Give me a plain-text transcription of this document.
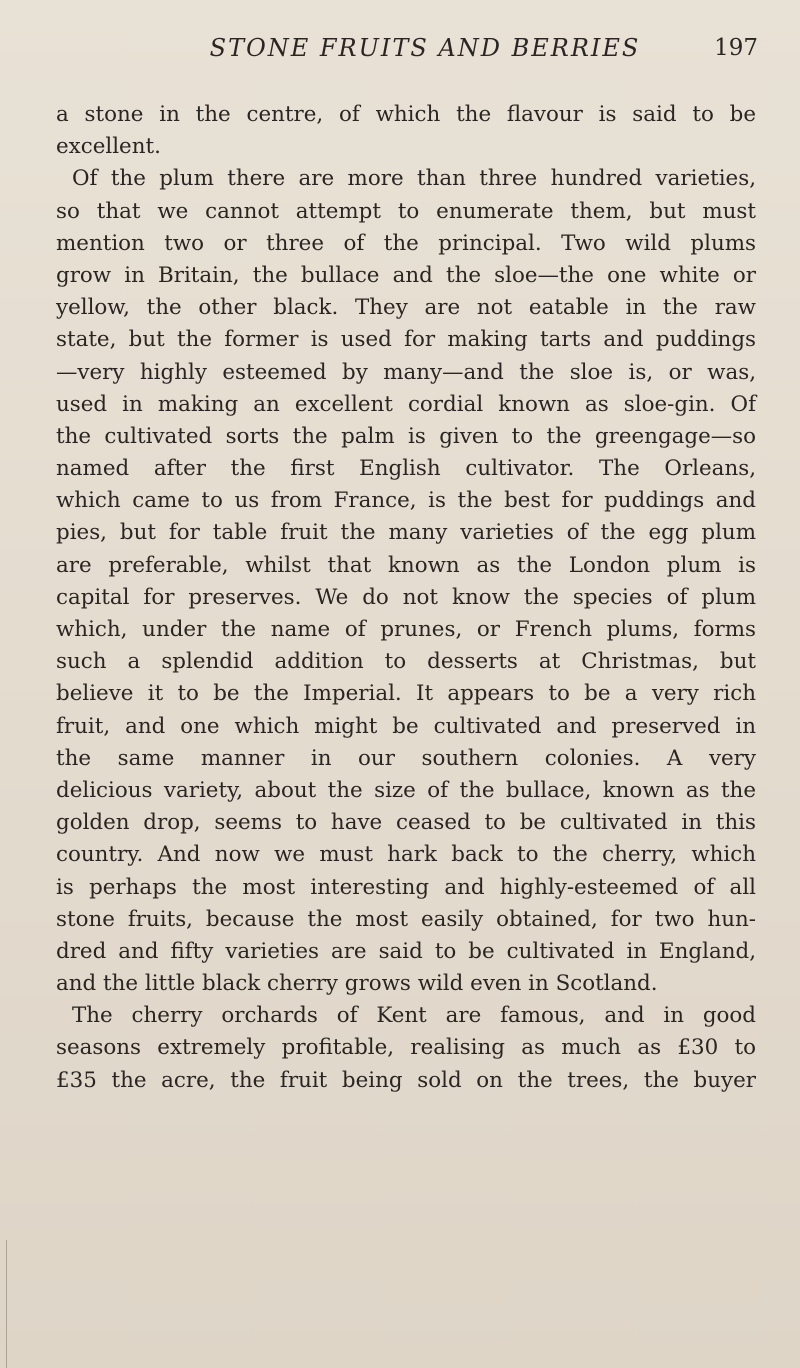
STONE FRUITS AND BERRIES	197
a stone in the centre, of which the flavour is said to be
excellent.
Of the plum there are more than three hundred varieties,
so that we cannot attempt to enumerate them, but must
mention two or three of the principal. Two wild plums
grow in Britain, the bullace and the sloe—the one white or
yellow, the other black. They are not eatable in the raw
state, but the former is used for making tarts and puddings
—very highly esteemed by many—and the sloe is, or was,
used in making an excellent cordial known as sloe-gin. Of
the cultivated sorts the palm is given to the greengage—so
named after the first English cultivator. The Orleans,
which came to us from France, is the best for puddings and
pies, but for table fruit the many varieties of the egg plum
are preferable, whilst that known as the London plum is
capital for preserves. We do not know the species of plum
which, under the name of prunes, or French plums, forms
such a splendid addition to desserts at Christmas, but
believe it to be the Imperial. It appears to be a very rich
fruit, and one which might be cultivated and preserved in
the same manner in our southern colonies. A very
delicious variety, about the size of the bullace, known as the
golden drop, seems to have ceased to be cultivated in this
country. And now we must hark back to the cherry, which
is perhaps the most interesting and highly-esteemed of all
stone fruits, because the most easily obtained, for two hun-
dred and fifty varieties are said to be cultivated in England,
and the little black cherry grows wild even in Scotland.
The cherry orchards of Kent are famous, and in good
seasons extremely profitable, realising as much as £30 to
£35 the acre, the fruit being sold on the trees, the buyer
